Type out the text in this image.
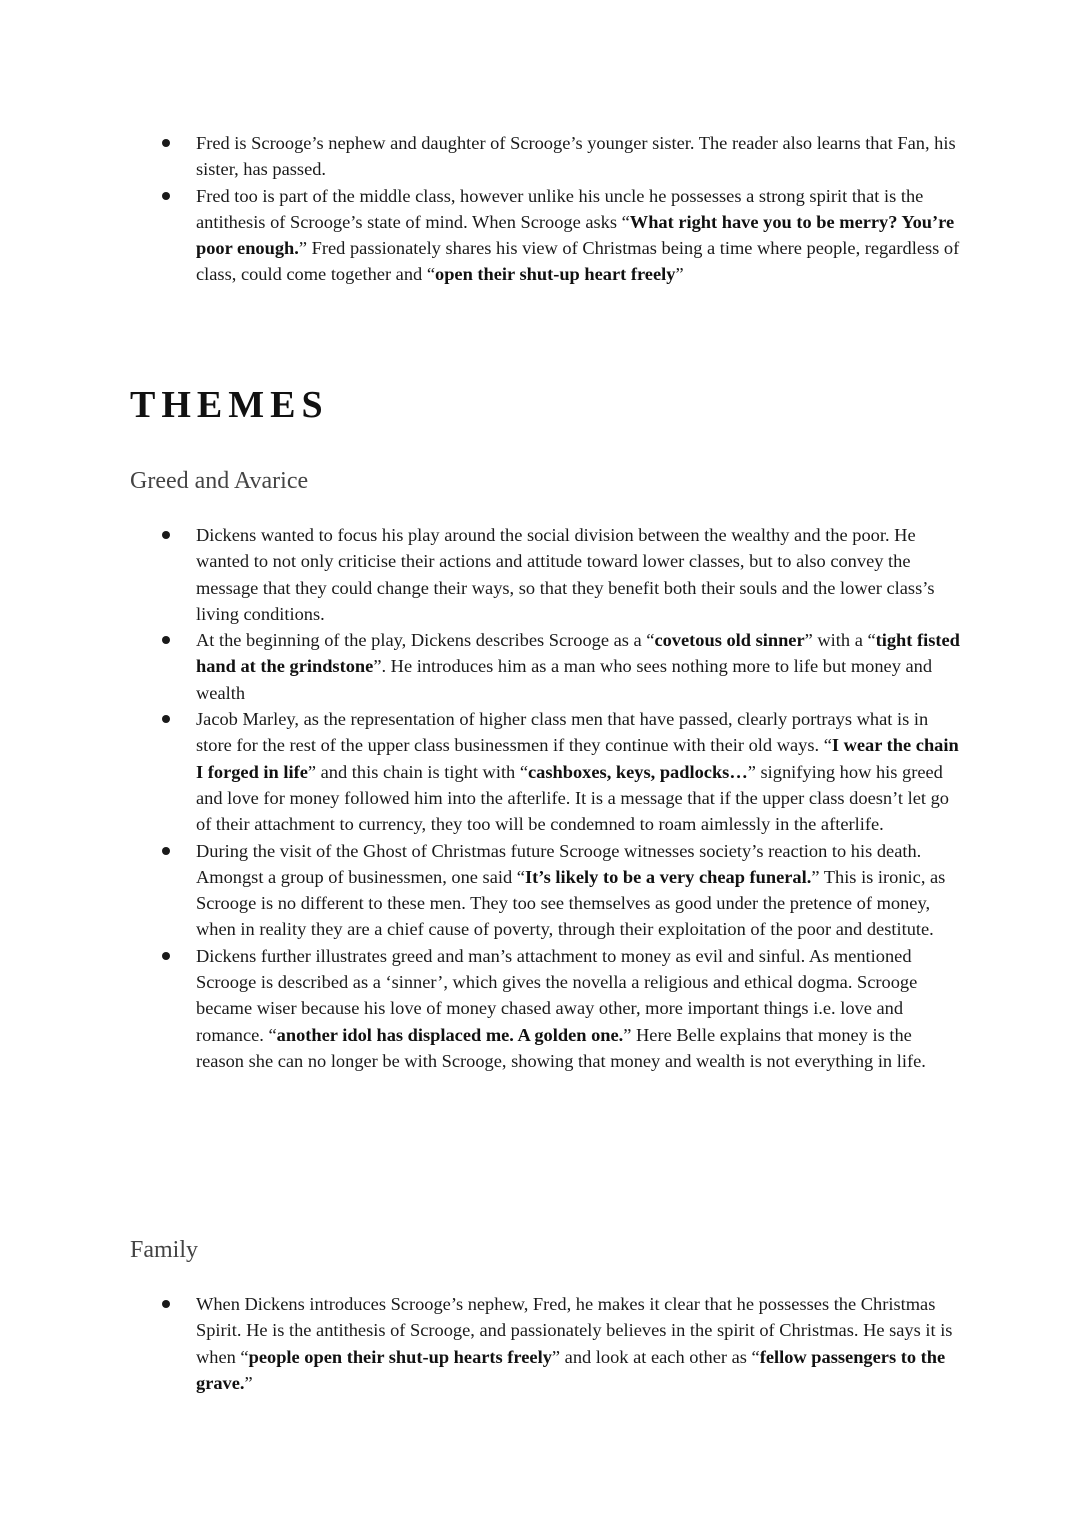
Fred is Scrooge’s nephew and daughter of Scrooge’s younger sister. The reader also learns that Fan, his sister, has passed.
Fred too is part of the middle class, however unlike his uncle he possesses a strong spirit that is the antithesis of Scrooge’s state of mind. When Scrooge asks “What right have you to be merry? You’re poor enough.” Fred passionately shares his view of Christmas being a time where people, regardless of class, could come together and “open their shut-up heart freely”
THEMES
Greed and Avarice
Dickens wanted to focus his play around the social division between the wealthy and the poor. He wanted to not only criticise their actions and attitude toward lower classes, but to also convey the message that they could change their ways, so that they benefit both their souls and the lower class’s living conditions.
At the beginning of the play, Dickens describes Scrooge as a “covetous old sinner” with a “tight fisted hand at the grindstone”. He introduces him as a man who sees nothing more to life but money and wealth
Jacob Marley, as the representation of higher class men that have passed, clearly portrays what is in store for the rest of the upper class businessmen if they continue with their old ways. “I wear the chain I forged in life” and this chain is tight with “cashboxes, keys, padlocks…” signifying how his greed and love for money followed him into the afterlife. It is a message that if the upper class doesn’t let go of their attachment to currency, they too will be condemned to roam aimlessly in the afterlife.
During the visit of the Ghost of Christmas future Scrooge witnesses society’s reaction to his death. Amongst a group of businessmen, one said “It’s likely to be a very cheap funeral.” This is ironic, as Scrooge is no different to these men. They too see themselves as good under the pretence of money, when in reality they are a chief cause of poverty, through their exploitation of the poor and destitute.
Dickens further illustrates greed and man’s attachment to money as evil and sinful. As mentioned Scrooge is described as a ‘sinner’, which gives the novella a religious and ethical dogma. Scrooge became wiser because his love of money chased away other, more important things i.e. love and romance. “another idol has displaced me. A golden one.” Here Belle explains that money is the reason she can no longer be with Scrooge, showing that money and wealth is not everything in life.
Family
When Dickens introduces Scrooge’s nephew, Fred, he makes it clear that he possesses the Christmas Spirit. He is the antithesis of Scrooge, and passionately believes in the spirit of Christmas. He says it is when “people open their shut-up hearts freely” and look at each other as “fellow passengers to the grave.”
